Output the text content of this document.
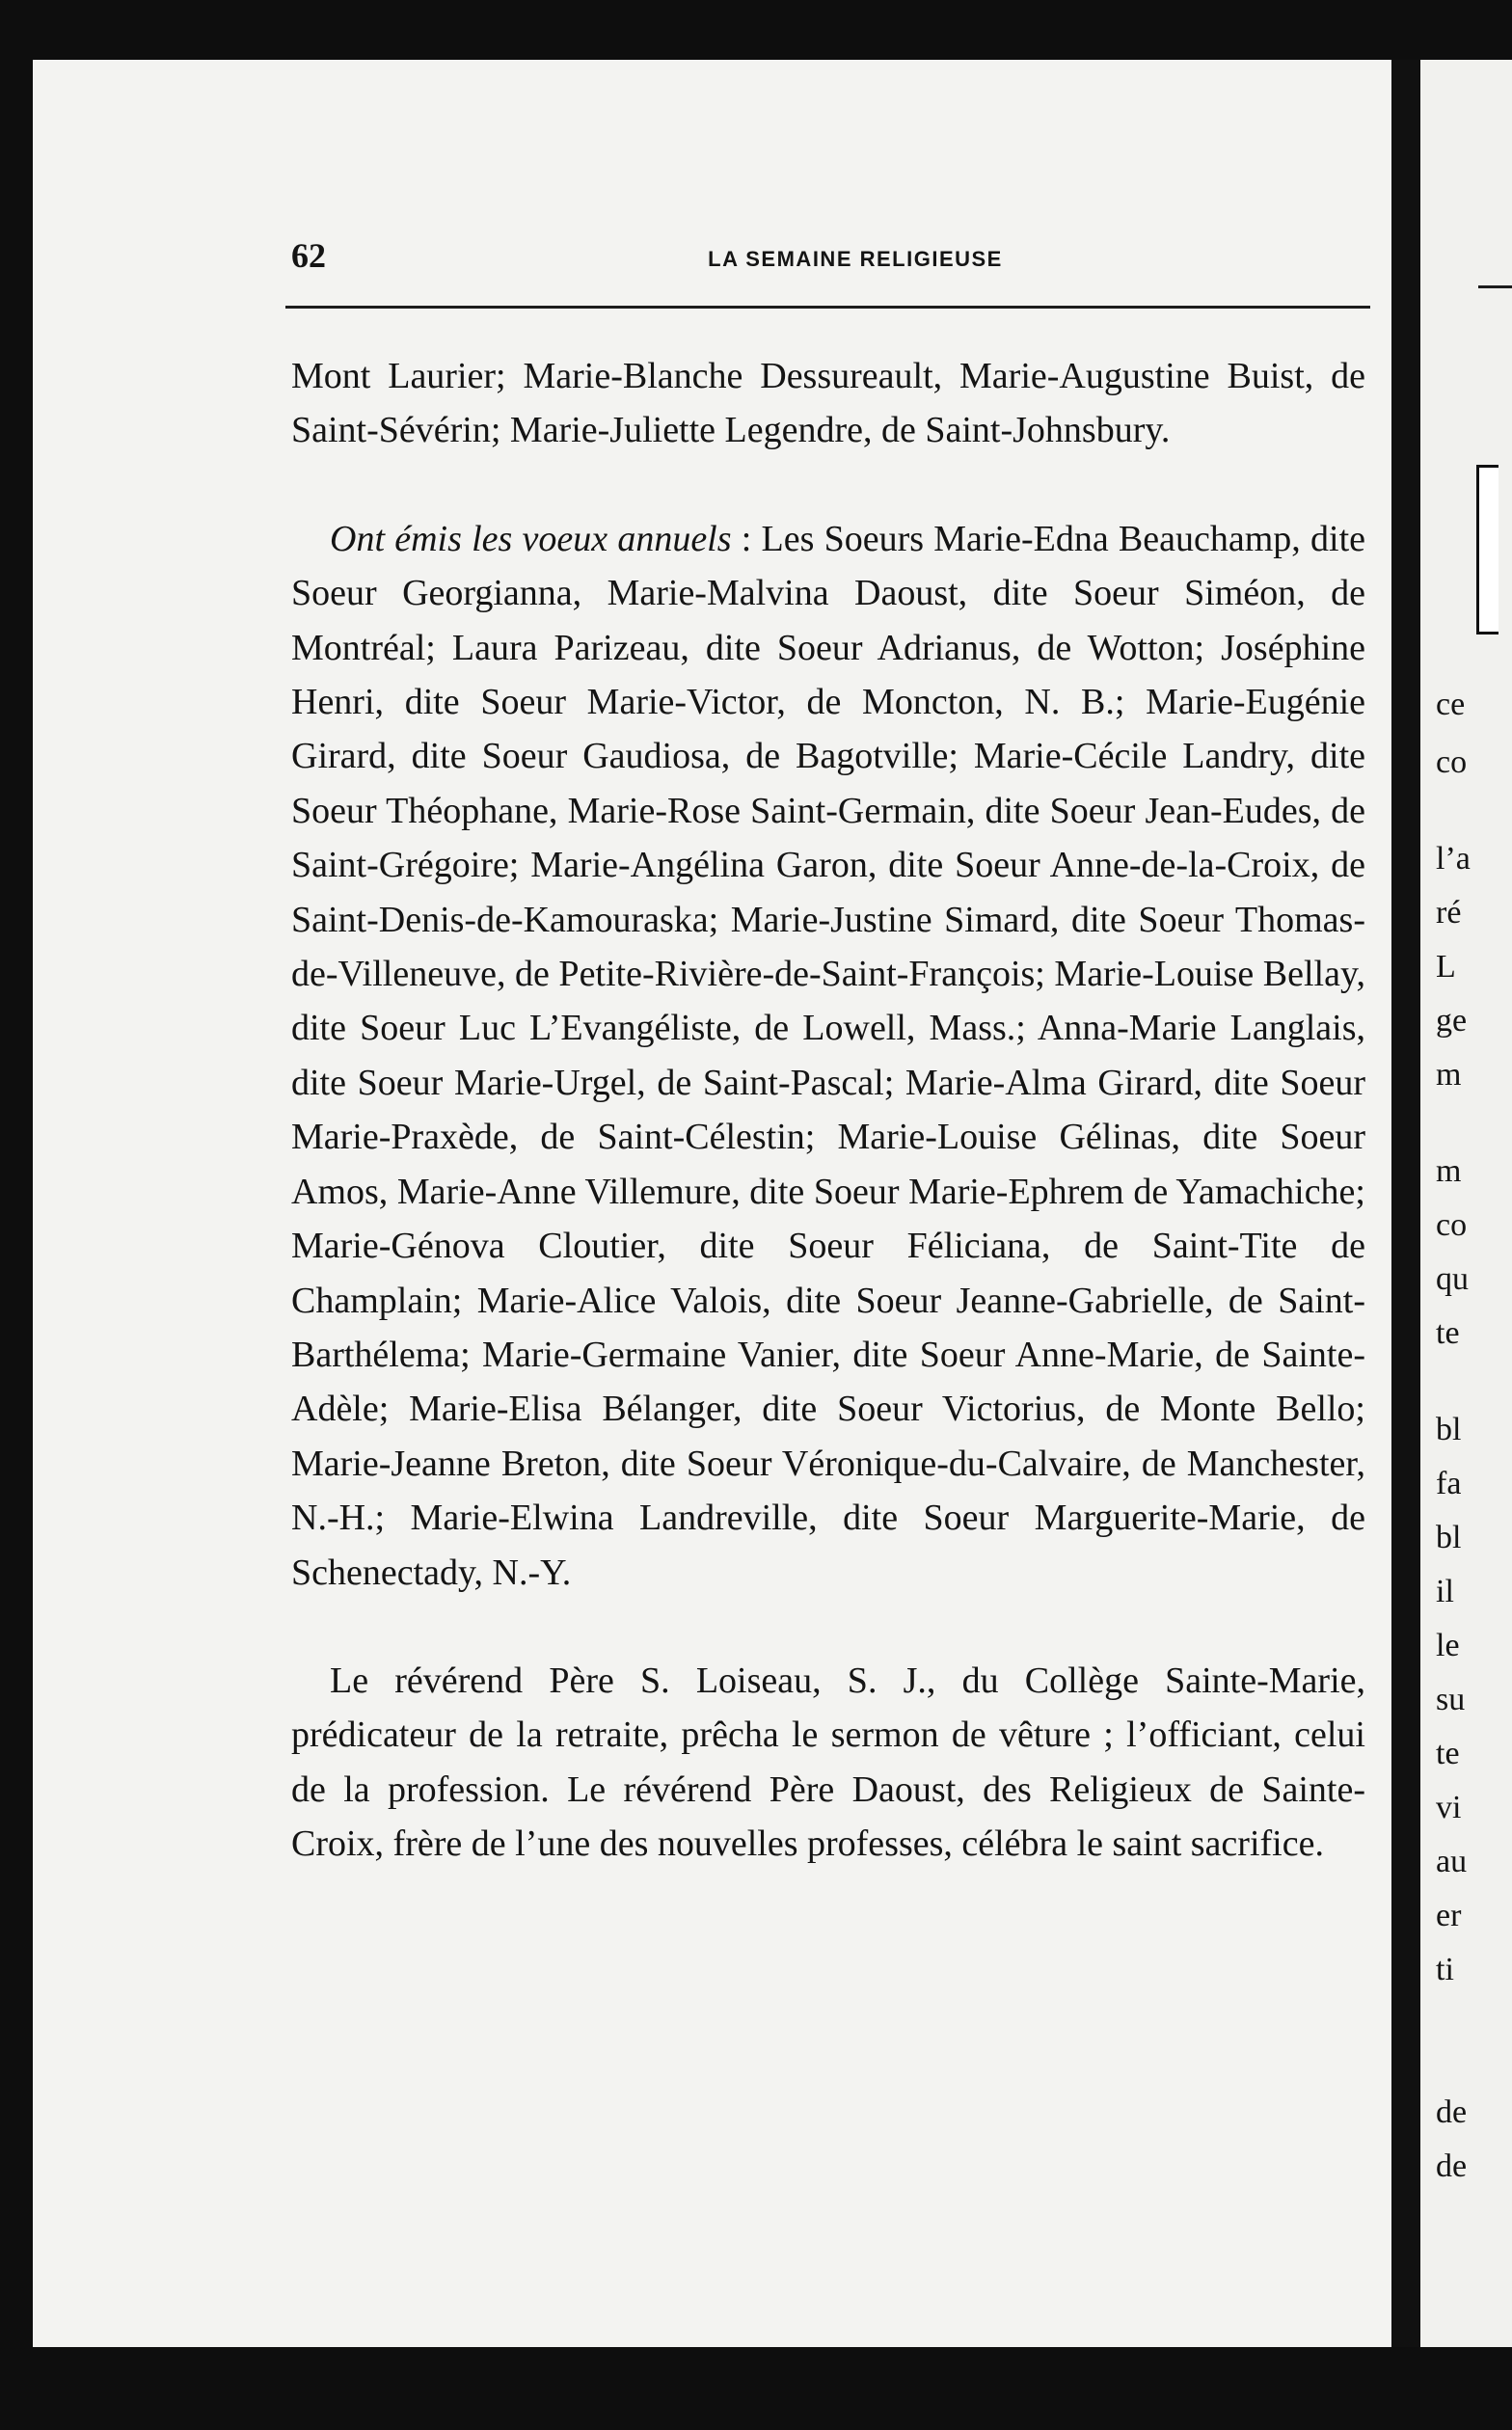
62	LA SEMAINE RELIGIEUSE

Mont Laurier; Marie-Blanche Dessureault, Marie-Augustine Buist, de Saint-Sévérin; Marie-Juliette Legendre, de Saint-Johnsbury.

Ont émis les voeux annuels : Les Soeurs Marie-Edna Beauchamp, dite Soeur Georgianna, Marie-Malvina Daoust, dite Soeur Siméon, de Montréal; Laura Parizeau, dite Soeur Adrianus, de Wotton; Joséphine Henri, dite Soeur Marie-Victor, de Moncton, N. B.; Marie-Eugénie Girard, dite Soeur Gaudiosa, de Bagotville; Marie-Cécile Landry, dite Soeur Théophane, Marie-Rose Saint-Germain, dite Soeur Jean-Eudes, de Saint-Grégoire; Marie-Angélina Garon, dite Soeur Anne-de-la-Croix, de Saint-Denis-de-Kamouraska; Marie-Justine Simard, dite Soeur Thomas-de-Villeneuve, de Petite-Rivière-de-Saint-François; Marie-Louise Bellay, dite Soeur Luc L’Evangéliste, de Lowell, Mass.; Anna-Marie Langlais, dite Soeur Marie-Urgel, de Saint-Pascal; Marie-Alma Girard, dite Soeur Marie-Praxède, de Saint-Célestin; Marie-Louise Gélinas, dite Soeur Amos, Marie-Anne Villemure, dite Soeur Marie-Ephrem de Yamachiche; Marie-Génova Cloutier, dite Soeur Féliciana, de Saint-Tite de Champlain; Marie-Alice Valois, dite Soeur Jeanne-Gabrielle, de Saint-Barthélema; Marie-Germaine Vanier, dite Soeur Anne-Marie, de Sainte-Adèle; Marie-Elisa Bélanger, dite Soeur Victorius, de Monte Bello; Marie-Jeanne Breton, dite Soeur Véronique-du-Calvaire, de Manchester, N.-H.; Marie-Elwina Landreville, dite Soeur Marguerite-Marie, de Schenectady, N.-Y.

Le révérend Père S. Loiseau, S. J., du Collège Sainte-Marie, prédicateur de la retraite, prêcha le sermon de vêture ; l’officiant, celui de la profession. Le révérend Père Daoust, des Religieux de Sainte-Croix, frère de l’une des nouvelles professes, célébra le saint sacrifice.

ce
co
l’a
ré
L
ge
m
m
co
qu
te
bl
fa
bl
il
le
su
te
vi
au
er
ti
de
de
